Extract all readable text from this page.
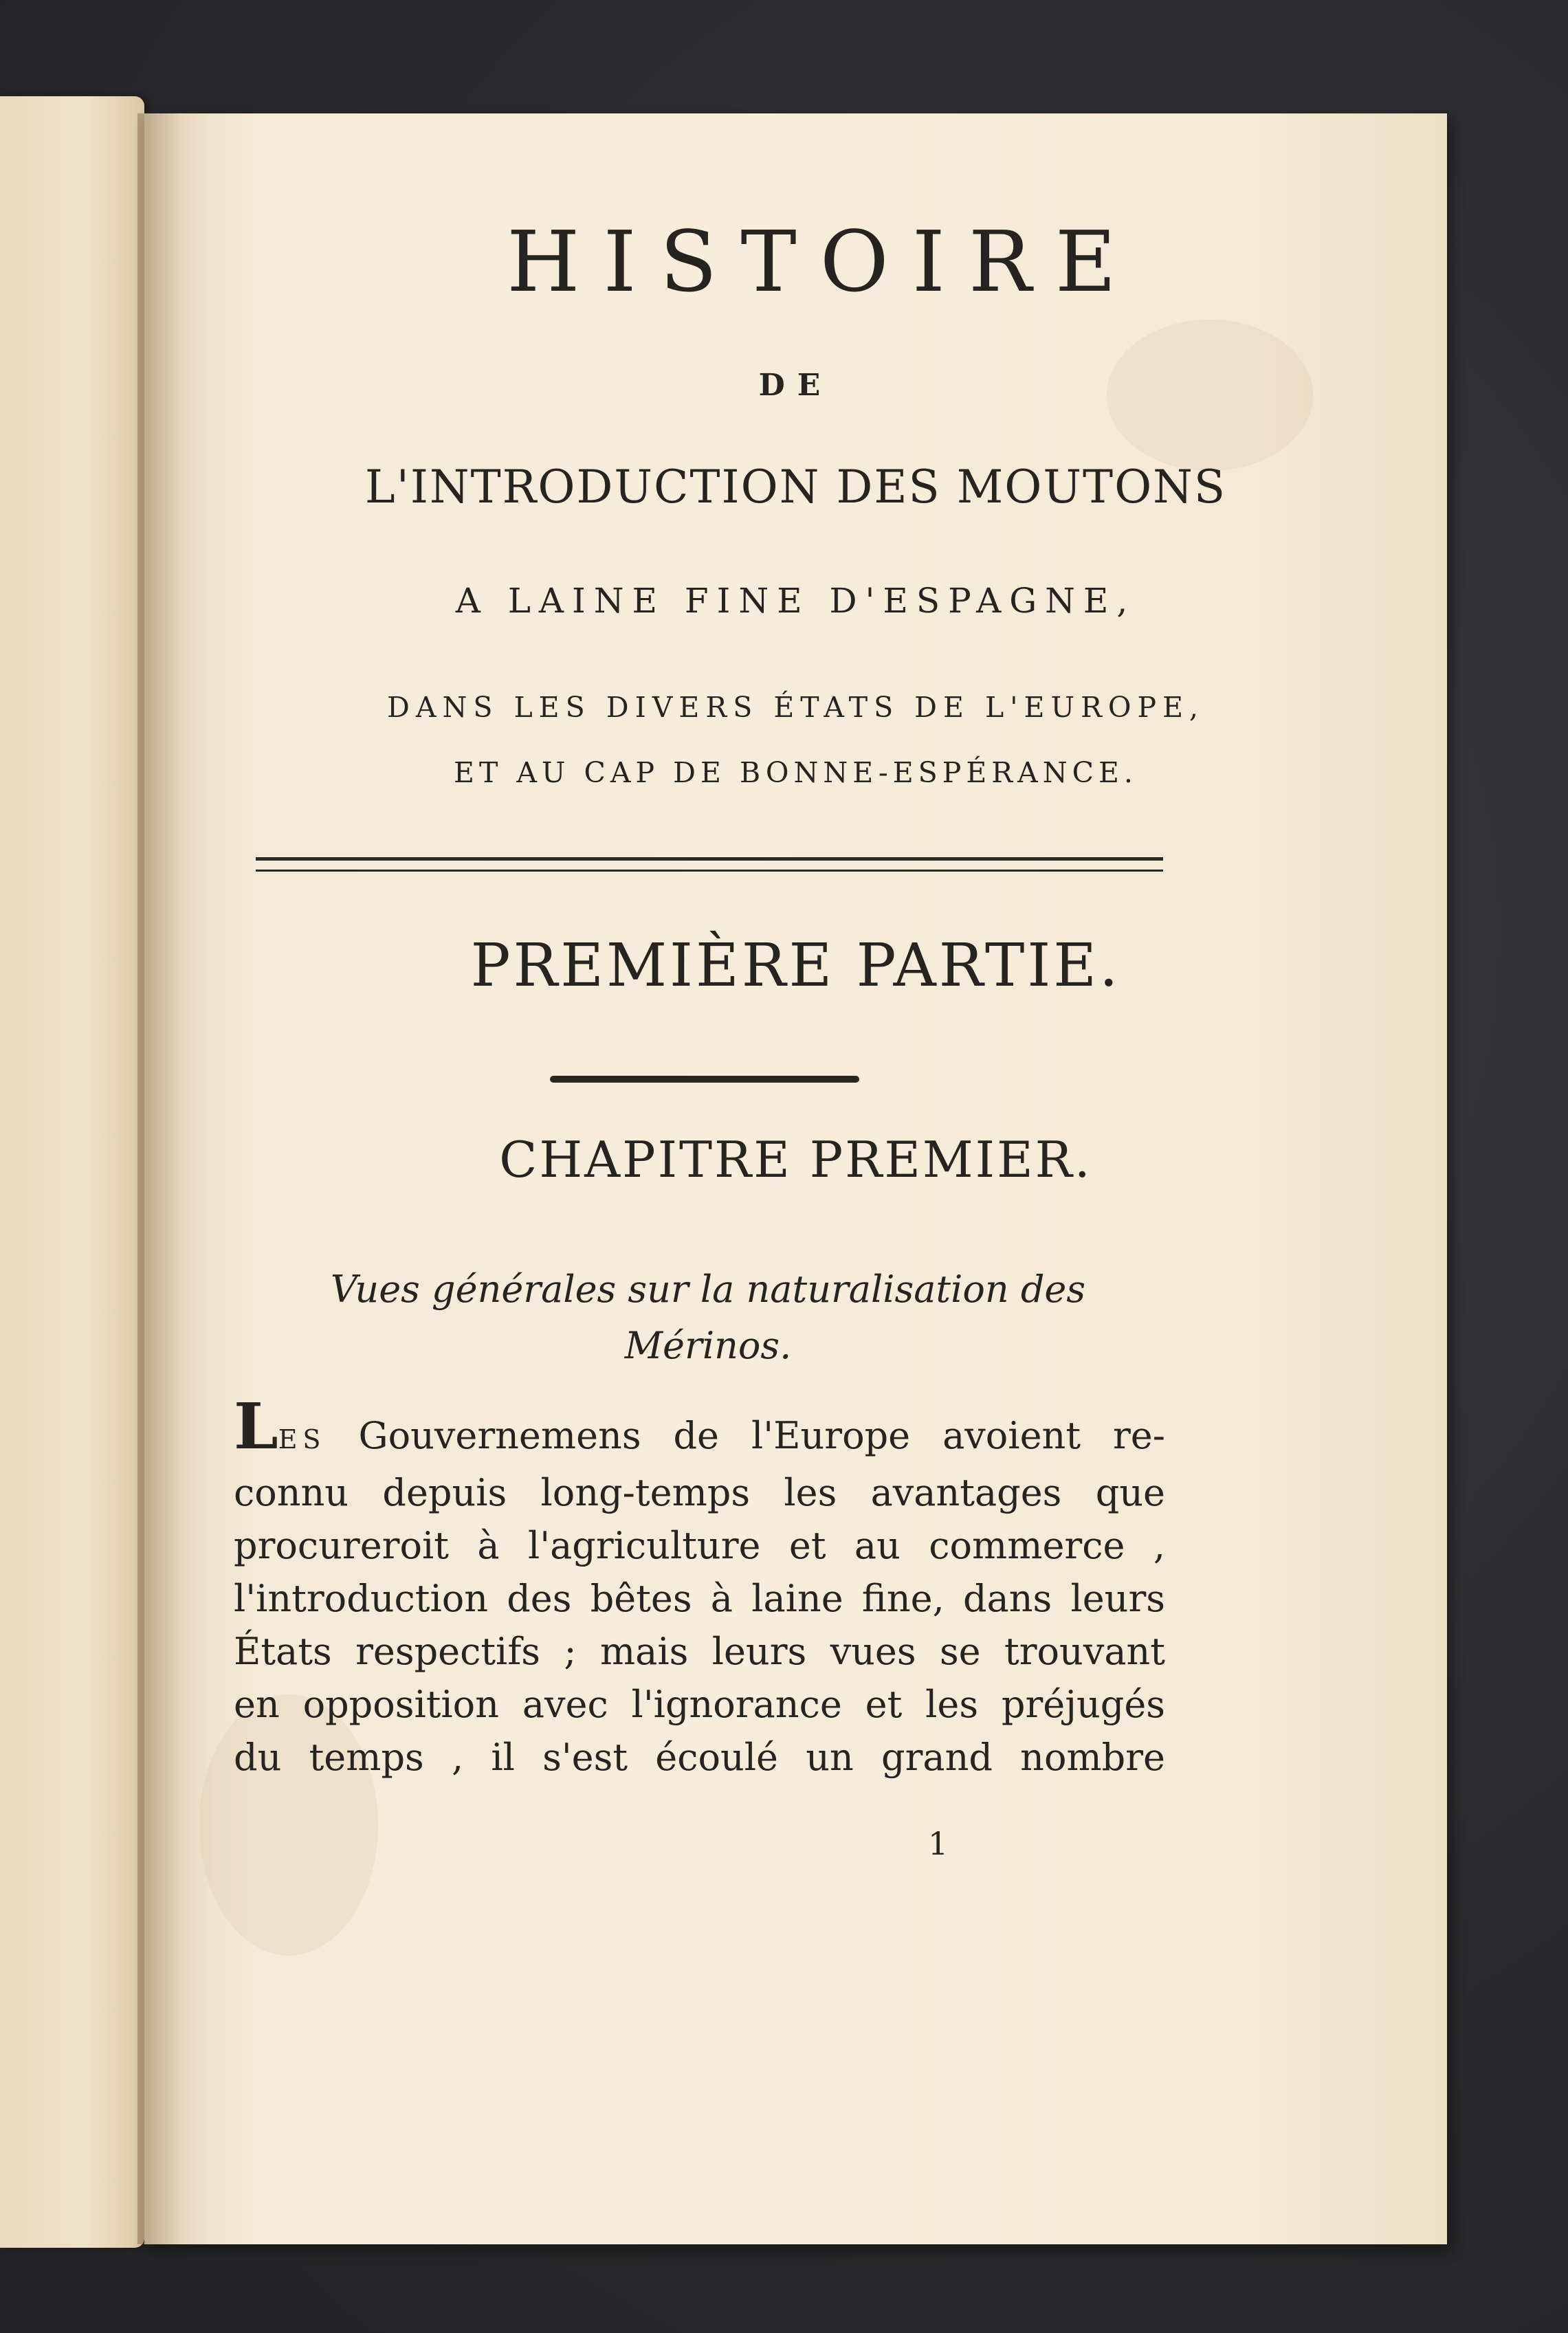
HISTOIRE
DE
L'INTRODUCTION DES MOUTONS
A LAINE FINE D'ESPAGNE,
DANS LES DIVERS ÉTATS DE L'EUROPE,
ET AU CAP DE BONNE-ESPÉRANCE.
PREMIÈRE PARTIE.
CHAPITRE PREMIER.
Vues générales sur la naturalisation des Mérinos.
LES Gouvernemens de l'Europe avoient re-
connu depuis long-temps les avantages que
procureroit à l'agriculture et au commerce ,
l'introduction des bêtes à laine fine, dans leurs
États respectifs ; mais leurs vues se trouvant
en opposition avec l'ignorance et les préjugés
du temps , il s'est écoulé un grand nombre
1
